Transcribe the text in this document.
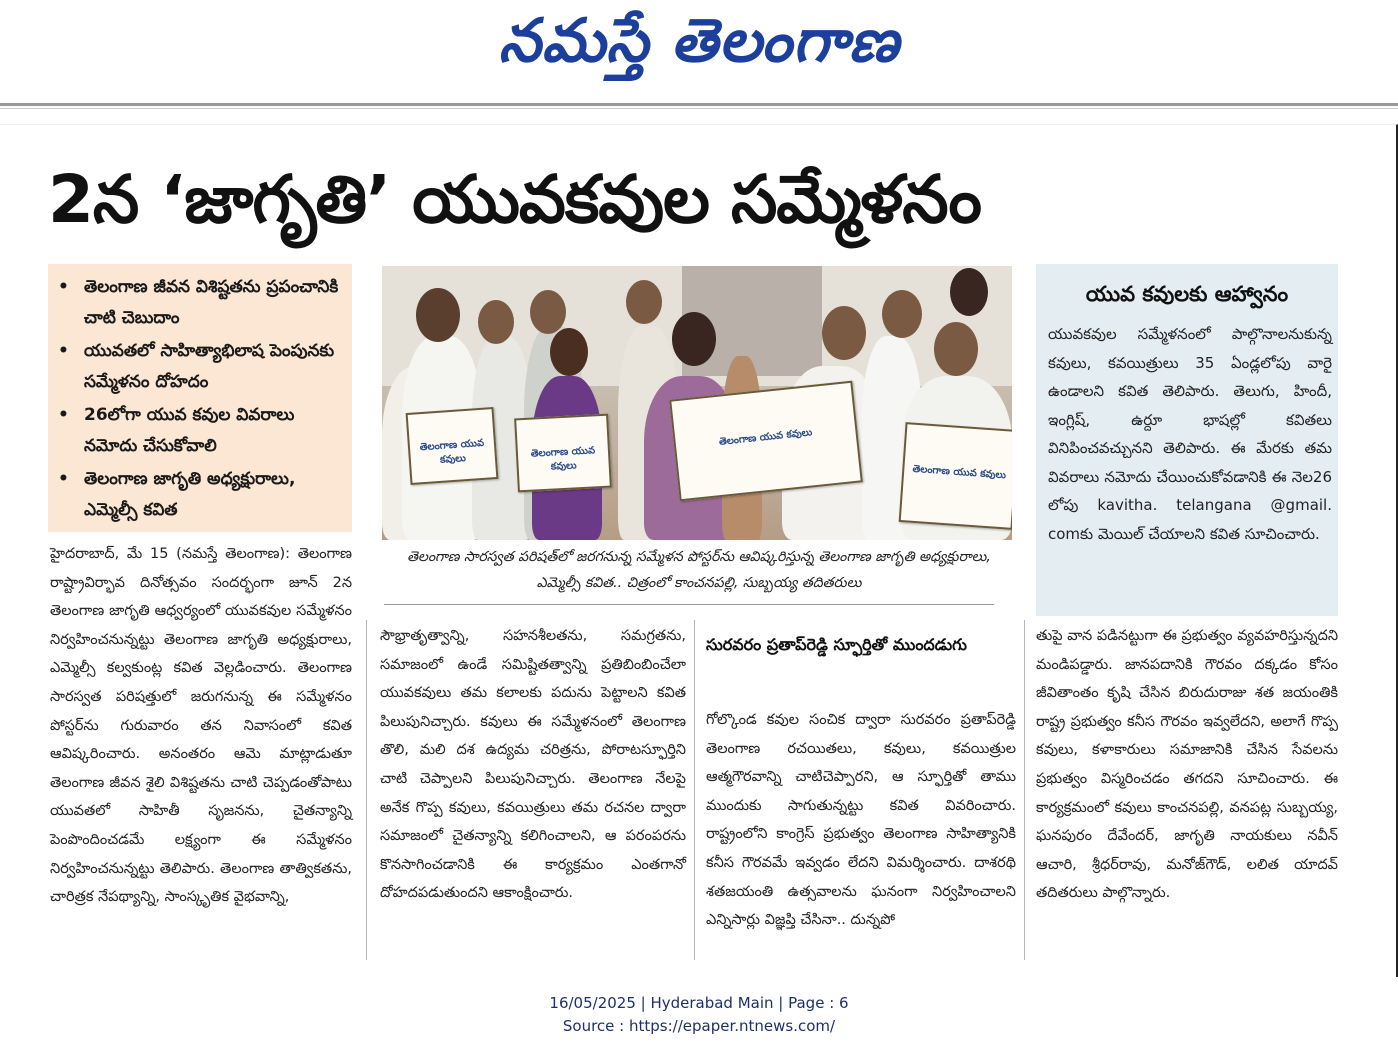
నమస్తే తెలంగాణ
2న ‘జాగృతి’ యువకవుల సమ్మేళనం
• తెలంగాణ జీవన విశిష్టతను ప్రపంచానికి చాటి చెబుదాం
• యువతలో సాహిత్యాభిలాష పెంపునకు సమ్మేళనం దోహదం
• 26లోగా యువ కవుల వివరాలు నమోదు చేసుకోవాలి
• తెలంగాణ జాగృతి అధ్యక్షురాలు, ఎమ్మెల్సీ కవిత
తెలంగాణ యువ కవులు	తెలంగాణ యువ కవులు
తెలంగాణ యువ కవులు
తెలంగాణ యువ కవులు
తెలంగాణ సారస్వత పరిషత్‌లో జరగనున్న సమ్మేళన పోస్టర్‌ను ఆవిష్కరిస్తున్న తెలంగాణ జాగృతి అధ్యక్షురాలు, ఎమ్మెల్సీ కవిత.. చిత్రంలో కాంచనపల్లి, సుబ్బయ్య తదితరులు
యువ కవులకు ఆహ్వానం
యువకవుల సమ్మేళనంలో పాల్గొనాలనుకున్న కవులు, కవయిత్రులు 35 ఏండ్లలోపు వారై ఉండాలని కవిత తెలిపారు. తెలుగు, హిందీ, ఇంగ్లిష్, ఉర్దూ భాషల్లో కవితలు వినిపించవచ్చునని తెలిపారు. ఈ మేరకు తమ వివరాలు నమోదు చేయించుకోవడానికి ఈ నెల26 లోపు kavitha. telangana @gmail. comకు మెయిల్ చేయాలని కవిత సూచించారు.
హైదరాబాద్, మే 15 (నమస్తే తెలంగాణ): తెలంగాణ రాష్ట్రావిర్భావ దినోత్సవం సందర్భంగా జూన్ 2న తెలంగాణ జాగృతి ఆధ్వర్యంలో యువకవుల సమ్మేళనం నిర్వహించనున్నట్టు తెలంగాణ జాగృతి అధ్యక్షురాలు, ఎమ్మెల్సీ కల్వకుంట్ల కవిత వెల్లడించారు. తెలంగాణ సారస్వత పరిషత్తులో జరుగనున్న ఈ సమ్మేళనం పోస్టర్‌ను గురువారం తన నివాసంలో కవిత ఆవిష్కరించారు. అనంతరం ఆమె మాట్లాడుతూ తెలంగాణ జీవన శైలి విశిష్టతను చాటి చెప్పడంతోపాటు యువతలో సాహితీ సృజనను, చైతన్యాన్ని పెంపొందించడమే లక్ష్యంగా ఈ సమ్మేళనం నిర్వహించనున్నట్టు తెలిపారు. తెలంగాణ తాత్వికతను, చారిత్రక నేపథ్యాన్ని, సాంస్కృతిక వైభవాన్ని,
సౌభ్రాతృత్వాన్ని, సహనశీలతను, సమగ్రతను, సమాజంలో ఉండే సమిష్టితత్వాన్ని ప్రతిబింబించేలా యువకవులు తమ కలాలకు పదును పెట్టాలని కవిత పిలుపునిచ్చారు. కవులు ఈ సమ్మేళనంలో తెలంగాణ తొలి, మలి దశ ఉద్యమ చరిత్రను, పోరాటస్ఫూర్తిని చాటి చెప్పాలని పిలుపునిచ్చారు. తెలంగాణ నేలపై అనేక గొప్ప కవులు, కవయిత్రులు తమ రచనల ద్వారా సమాజంలో చైతన్యాన్ని కలిగించాలని, ఆ పరంపరను కొనసాగించడానికి ఈ కార్యక్రమం ఎంతగానో దోహదపడుతుందని ఆకాంక్షించారు.
సురవరం ప్రతాప్‌రెడ్డి స్ఫూర్తితో ముందడుగు
గోల్కొండ కవుల సంచిక ద్వారా సురవరం ప్రతాప్‌రెడ్డి తెలంగాణ రచయితలు, కవులు, కవయిత్రుల ఆత్మగౌరవాన్ని చాటిచెప్పారని, ఆ స్ఫూర్తితో తాము ముందుకు సాగుతున్నట్టు కవిత వివరించారు. రాష్ట్రంలోని కాంగ్రెస్ ప్రభుత్వం తెలంగాణ సాహిత్యానికి కనీస గౌరవమే ఇవ్వడం లేదని విమర్శించారు. దాశరథి శతజయంతి ఉత్సవాలను ఘనంగా నిర్వహించాలని ఎన్నిసార్లు విజ్ఞప్తి చేసినా.. దున్నపో
తుపై వాన పడినట్టుగా ఈ ప్రభుత్వం వ్యవహరిస్తున్నదని మండిపడ్డారు. జానపదానికి గౌరవం దక్కడం కోసం జీవితాంతం కృషి చేసిన బిరుదురాజు శత జయంతికి రాష్ట్ర ప్రభుత్వం కనీస గౌరవం ఇవ్వలేదని, అలాగే గొప్ప కవులు, కళాకారులు సమాజానికి చేసిన సేవలను ప్రభుత్వం విస్మరించడం తగదని సూచించారు. ఈ కార్యక్రమంలో కవులు కాంచనపల్లి, వనపట్ల సుబ్బయ్య, ఘనపురం దేవేందర్, జాగృతి నాయకులు నవీన్ ఆచారి, శ్రీధర్‌రావు, మనోజ్‌గౌడ్, లలిత యాదవ్ తదితరులు పాల్గొన్నారు.
16/05/2025 | Hyderabad Main | Page : 6
Source : https://epaper.ntnews.com/
